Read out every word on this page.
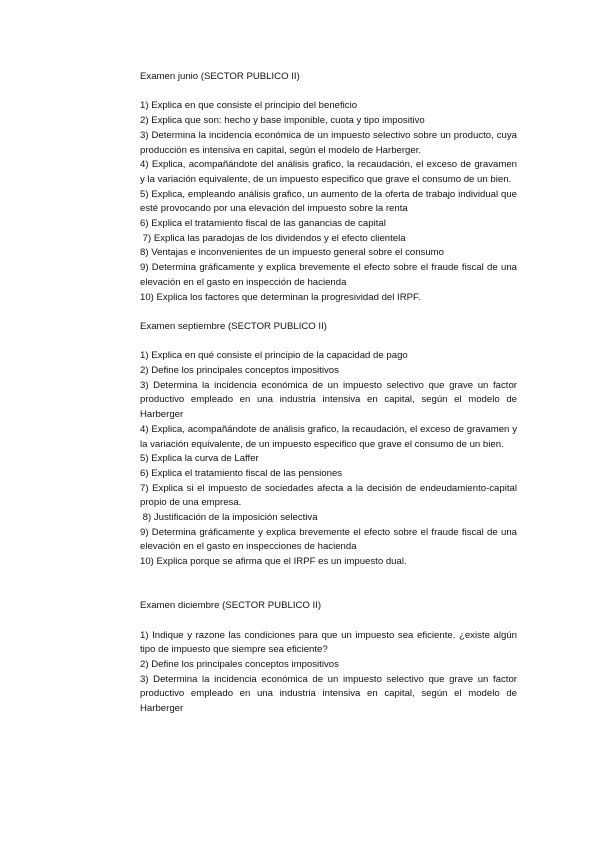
Examen junio (SECTOR PUBLICO II)

1) Explica en que consiste el principio del beneficio

2) Explica que son: hecho y base imponible, cuota y tipo impositivo

3) Determina la incidencia económica de un impuesto selectivo sobre un producto, cuya producción es intensiva en capital, según el modelo de Harberger.

4) Explica, acompañándote del análisis grafico, la recaudación, el exceso de gravamen y la variación equivalente, de un impuesto especifico que grave el consumo de un bien.

5) Explica, empleando análisis grafico, un aumento de la oferta de trabajo individual que esté provocando por una elevación del impuesto sobre la renta

6) Explica el tratamiento fiscal de las ganancias de capital

7) Explica las paradojas de los dividendos y el efecto clientela

8) Ventajas e inconvenientes de un impuesto general sobre el consumo

9) Determina gráficamente y explica brevemente el efecto sobre el fraude fiscal de una elevación en el gasto en inspección de hacienda

10) Explica los factores que determinan la progresividad del IRPF.

Examen septiembre (SECTOR PUBLICO II)

1) Explica en qué consiste el principio de la capacidad de pago

2) Define los principales conceptos impositivos

3) Determina la incidencia económica de un impuesto selectivo que grave un factor productivo empleado en una industria intensiva en capital, según el modelo de Harberger

4) Explica, acompañándote de análisis grafico, la recaudación, el exceso de gravamen y la variación equivalente, de un impuesto especifico que grave el consumo de un bien.

5) Explica la curva de Laffer

6) Explica el tratamiento fiscal de las pensiones

7) Explica si el impuesto de sociedades afecta a la decisión de endeudamiento-capital propio de una empresa.

8) Justificación de la imposición selectiva

9) Determina gráficamente y explica brevemente el efecto sobre el fraude fiscal de una elevación en el gasto en inspecciones de hacienda

10) Explica porque se afirma que el IRPF es un impuesto dual.

Examen diciembre (SECTOR PUBLICO II)

1) Indique y razone las condiciones para que un impuesto sea eficiente. ¿existe algún tipo de impuesto que siempre sea eficiente?

2) Define los principales conceptos impositivos

3) Determina la incidencia económica de un impuesto selectivo que grave un factor productivo empleado en una industria intensiva en capital, según el modelo de Harberger
